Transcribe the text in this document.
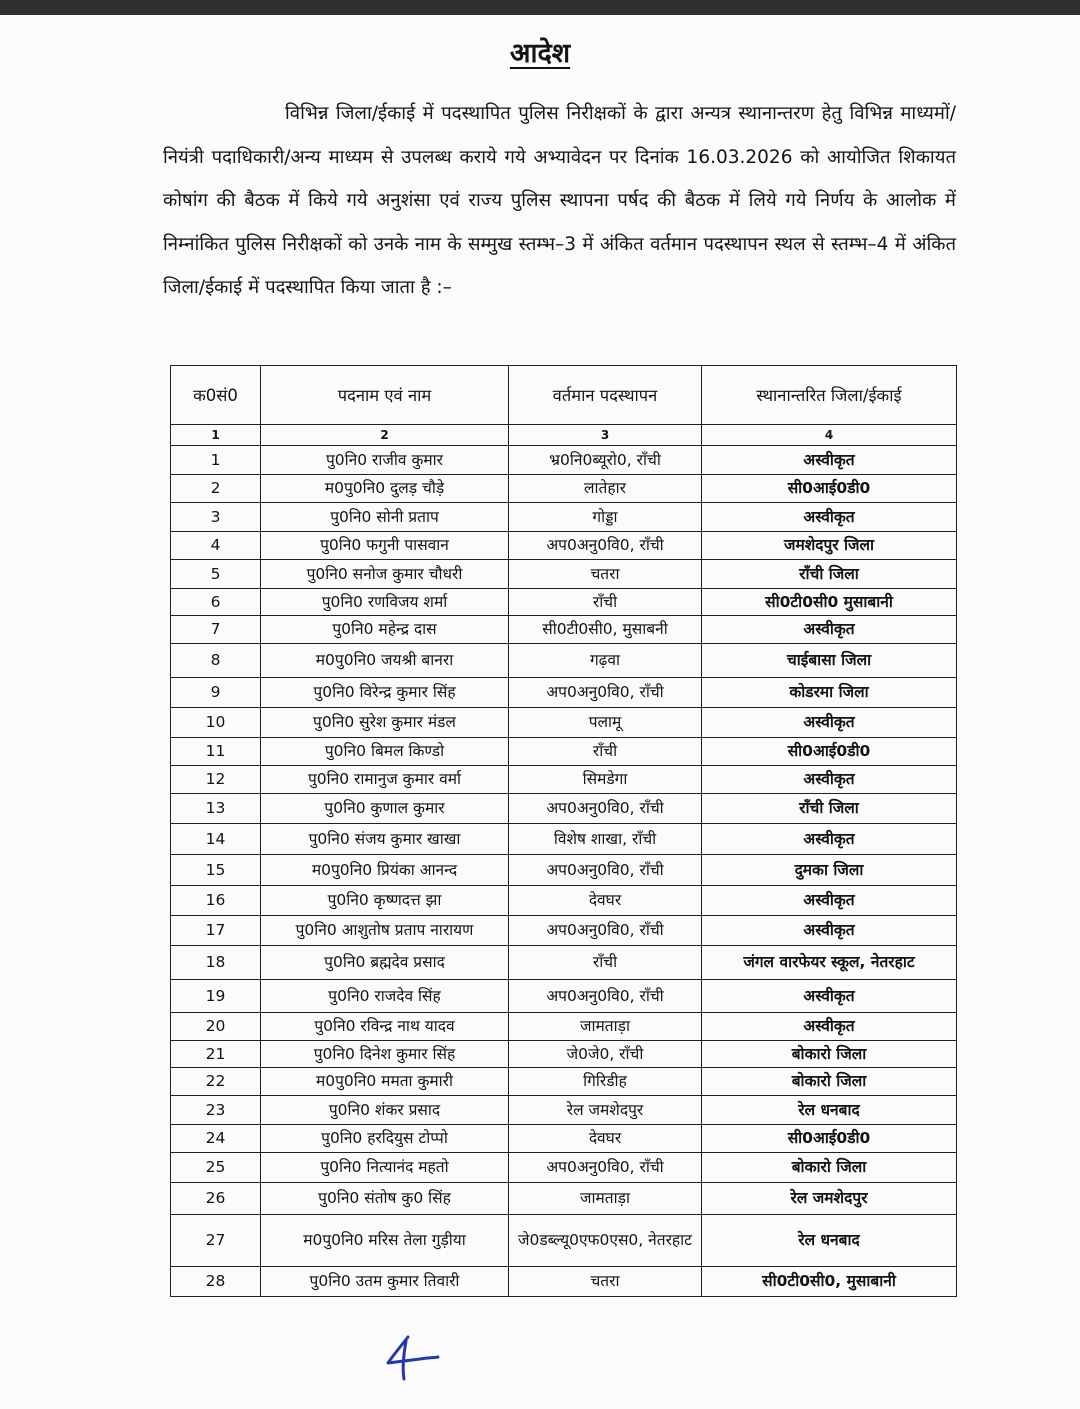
आदेश

विभिन्न जिला/ईकाई में पदस्थापित पुलिस निरीक्षकों के द्वारा अन्यत्र स्थानान्तरण हेतु विभिन्न माध्यमों/नियंत्री पदाधिकारी/अन्य माध्यम से उपलब्ध कराये गये अभ्यावेदन पर दिनांक 16.03.2026 को आयोजित शिकायत कोषांग की बैठक में किये गये अनुशंसा एवं राज्य पुलिस स्थापना पर्षद की बैठक में लिये गये निर्णय के आलोक में निम्नांकित पुलिस निरीक्षकों को उनके नाम के सम्मुख स्तम्भ–3 में अंकित वर्तमान पदस्थापन स्थल से स्तम्भ–4 में अंकित जिला/ईकाई में पदस्थापित किया जाता है :–

क0सं0	पदनाम एवं नाम	वर्तमान पदस्थापन	स्थानान्तरित जिला/ईकाई
1	2	3	4
1	पु0नि0 राजीव कुमार	भ्र0नि0ब्यूरो0, राँची	अस्वीकृत
2	म0पु0नि0 दुलड़ चौड़े	लातेहार	सी0आई0डी0
3	पु0नि0 सोनी प्रताप	गोड्डा	अस्वीकृत
4	पु0नि0 फगुनी पासवान	अप0अनु0वि0, राँची	जमशेदपुर जिला
5	पु0नि0 सनोज कुमार चौधरी	चतरा	राँची जिला
6	पु0नि0 रणविजय शर्मा	राँची	सी0टी0सी0 मुसाबानी
7	पु0नि0 महेन्द्र दास	सी0टी0सी0, मुसाबनी	अस्वीकृत
8	म0पु0नि0 जयश्री बानरा	गढ़वा	चाईबासा जिला
9	पु0नि0 विरेन्द्र कुमार सिंह	अप0अनु0वि0, राँची	कोडरमा जिला
10	पु0नि0 सुरेश कुमार मंडल	पलामू	अस्वीकृत
11	पु0नि0 बिमल किण्डो	राँची	सी0आई0डी0
12	पु0नि0 रामानुज कुमार वर्मा	सिमडेगा	अस्वीकृत
13	पु0नि0 कुणाल कुमार	अप0अनु0वि0, राँची	राँची जिला
14	पु0नि0 संजय कुमार खाखा	विशेष शाखा, राँची	अस्वीकृत
15	म0पु0नि0 प्रियंका आनन्द	अप0अनु0वि0, राँची	दुमका जिला
16	पु0नि0 कृष्णदत्त झा	देवघर	अस्वीकृत
17	पु0नि0 आशुतोष प्रताप नारायण	अप0अनु0वि0, राँची	अस्वीकृत
18	पु0नि0 ब्रह्मदेव प्रसाद	राँची	जंगल वारफेयर स्कूल, नेतरहाट
19	पु0नि0 राजदेव सिंह	अप0अनु0वि0, राँची	अस्वीकृत
20	पु0नि0 रविन्द्र नाथ यादव	जामताड़ा	अस्वीकृत
21	पु0नि0 दिनेश कुमार सिंह	जे0जे0, राँची	बोकारो जिला
22	म0पु0नि0 ममता कुमारी	गिरिडीह	बोकारो जिला
23	पु0नि0 शंकर प्रसाद	रेल जमशेदपुर	रेल धनबाद
24	पु0नि0 हरदियुस टोप्पो	देवघर	सी0आई0डी0
25	पु0नि0 नित्यानंद महतो	अप0अनु0वि0, राँची	बोकारो जिला
26	पु0नि0 संतोष कु0 सिंह	जामताड़ा	रेल जमशेदपुर
27	म0पु0नि0 मरिस तेला गुड़ीया	जे0डब्ल्यू0एफ0एस0, नेतरहाट	रेल धनबाद
28	पु0नि0 उतम कुमार तिवारी	चतरा	सी0टी0सी0, मुसाबानी
